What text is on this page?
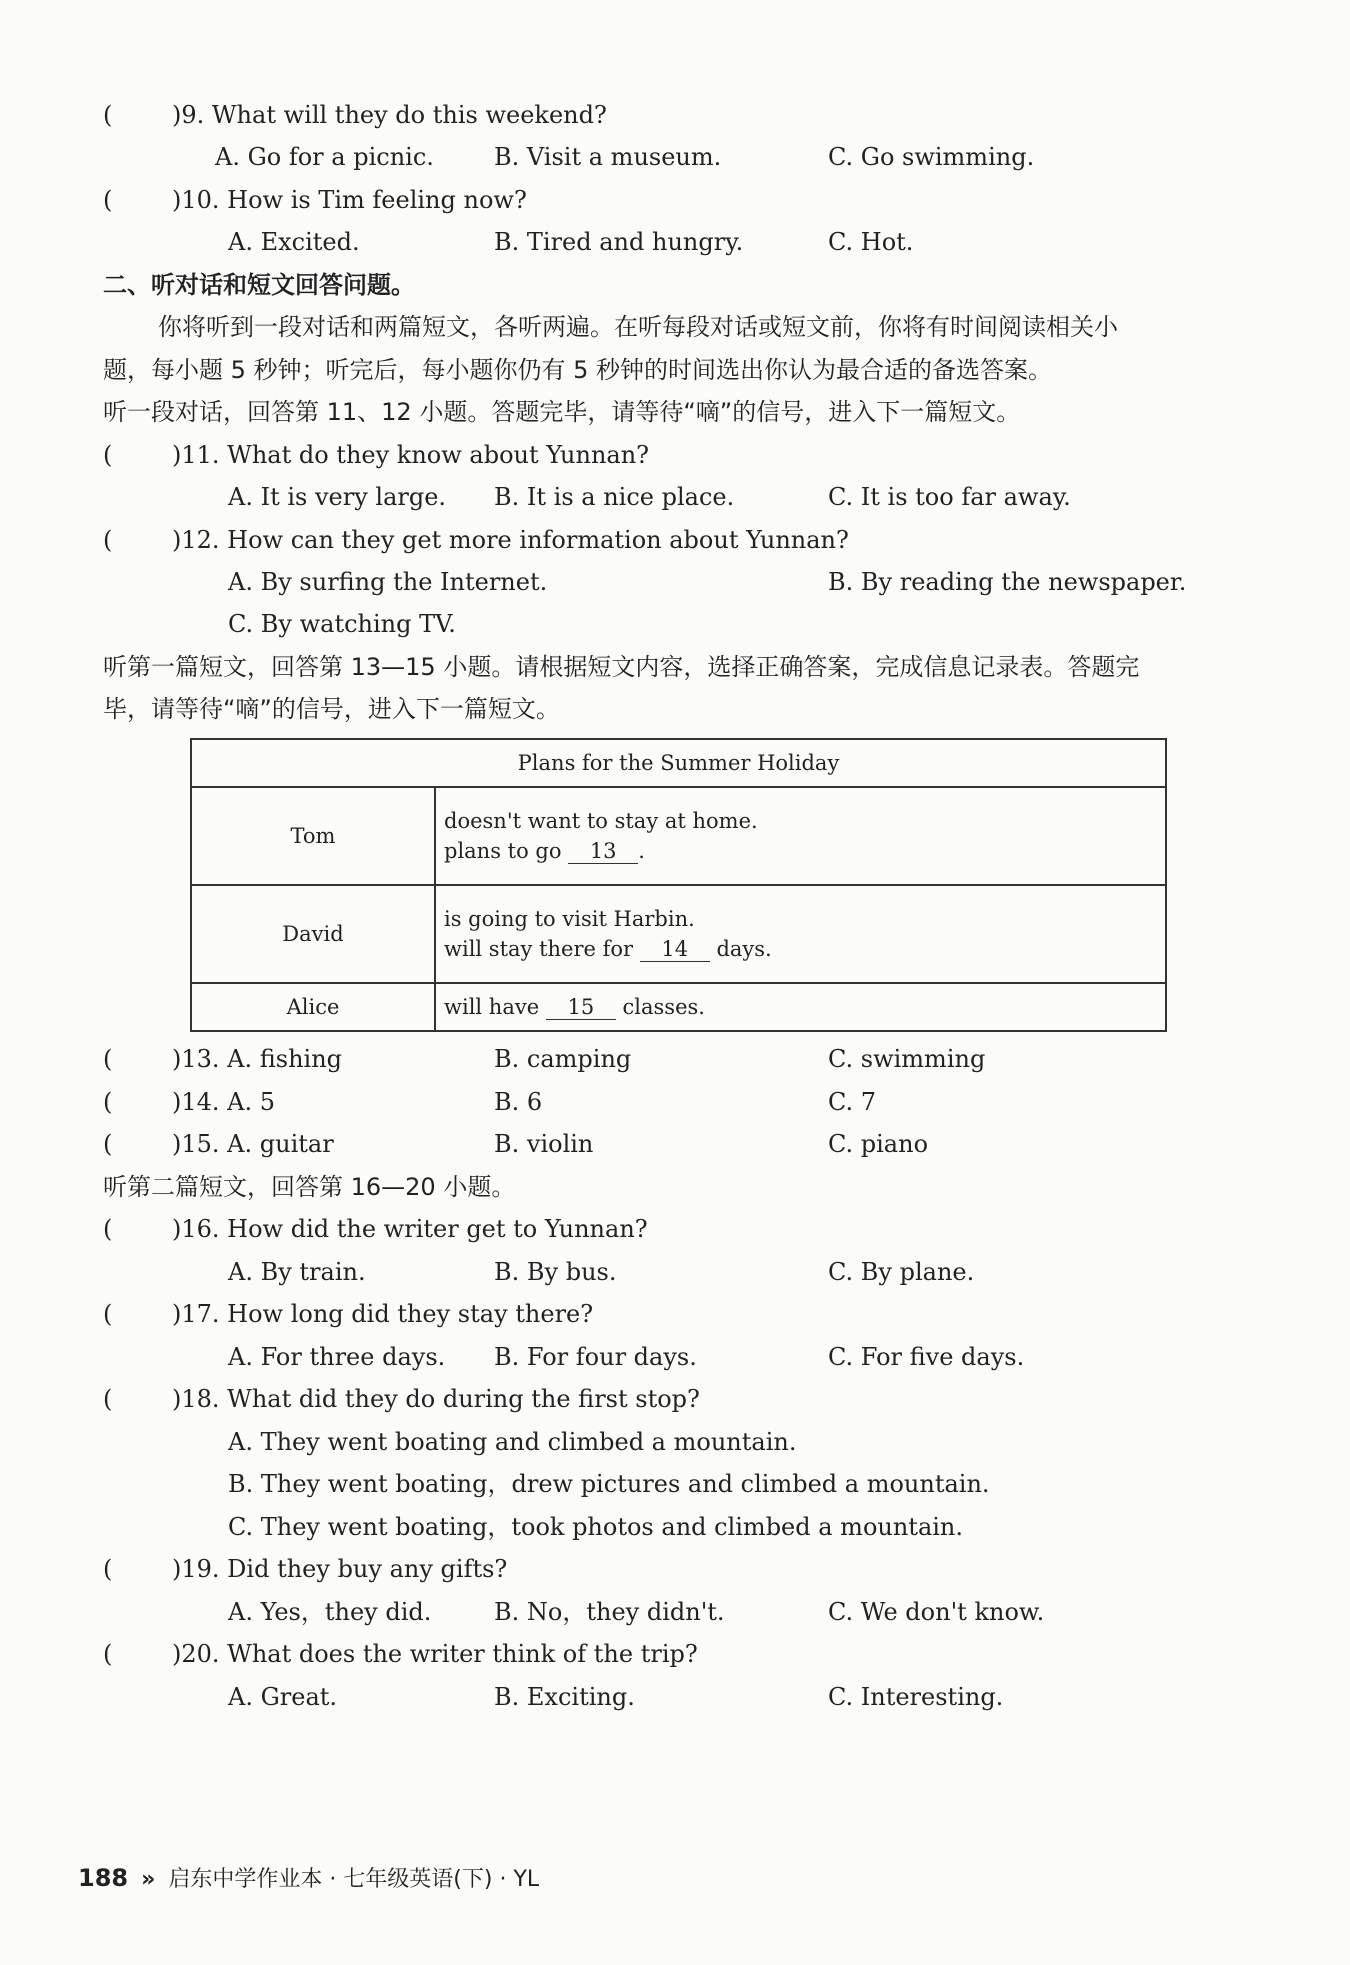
( )9. What will they do this weekend?
A. Go for a picnic.	B. Visit a museum.	C. Go swimming.
( )10. How is Tim feeling now?
A. Excited.	B. Tired and hungry.	C. Hot.
二、听对话和短文回答问题。
你将听到一段对话和两篇短文，各听两遍。在听每段对话或短文前，你将有时间阅读相关小
题，每小题 5 秒钟；听完后，每小题你仍有 5 秒钟的时间选出你认为最合适的备选答案。
听一段对话，回答第 11、12 小题。答题完毕，请等待“嘀”的信号，进入下一篇短文。
( )11. What do they know about Yunnan?
A. It is very large. B. It is a nice place.	C. It is too far away.
( )12. How can they get more information about Yunnan?
A. By surfing the Internet.	B. By reading the newspaper.
C. By watching TV.
听第一篇短文，回答第 13—15 小题。请根据短文内容，选择正确答案，完成信息记录表。答题完
毕，请等待“嘀”的信号，进入下一篇短文。
Plans for the Summer Holiday	
Tom	doesn't want to stay at home.
plans to go 13 .

David	is going to visit Harbin.
will stay there for 14 days.

Alice	will have 15 classes.
( )13. A. fishing	B. camping	C. swimming
( )14. A. 5	B. 6	C. 7
( )15. A. guitar	B. violin	C. piano
听第二篇短文，回答第 16—20 小题。
( )16. How did the writer get to Yunnan?
A. By train.	B. By bus.	C. By plane.
( )17. How long did they stay there?
A. For three days. B. For four days.	C. For five days.
( )18. What did they do during the first stop?
A. They went boating and climbed a mountain.
B. They went boating，drew pictures and climbed a mountain.
C. They went boating，took photos and climbed a mountain.
( )19. Did they buy any gifts?
A. Yes，they did.	B. No，they didn't.	C. We don't know.
( )20. What does the writer think of the trip?
A. Great.	B. Exciting.	C. Interesting.
188 » 启东中学作业本 · 七年级英语(下) · YL
